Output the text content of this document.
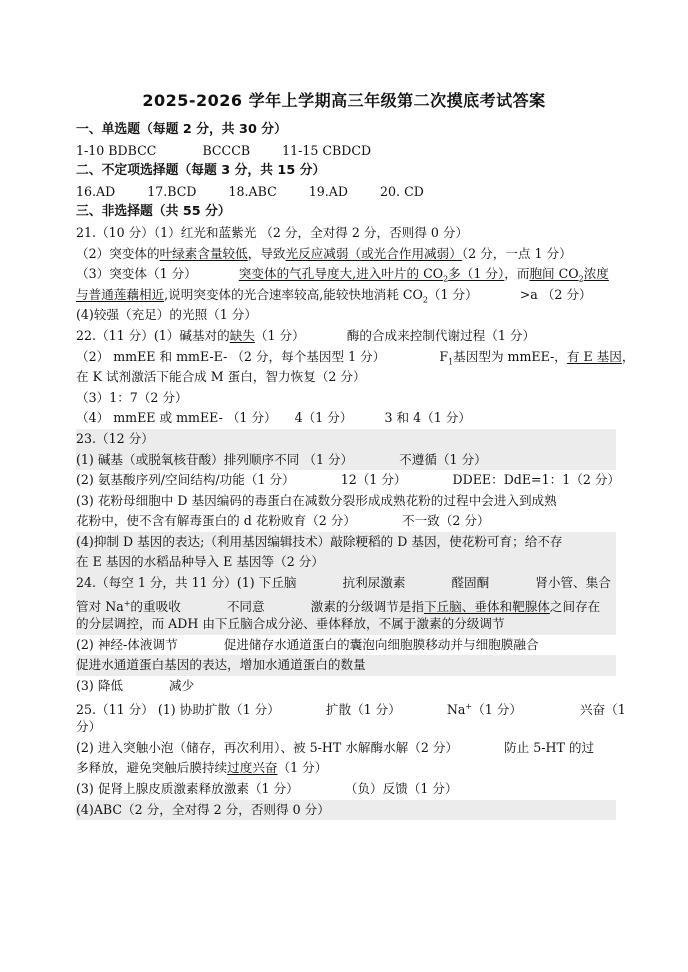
2025-2026 学年上学期高三年级第二次摸底考试答案
一、单选题（每题 2 分，共 30 分）
1-10 BDBCC	BCCCB	11-15 CBDCD
二、不定项选择题（每题 3 分，共 15 分）
16.AD	17.BCD	18.ABC	19.AD	20. CD
三、非选择题（共 55 分）
21.（10 分）（1）红光和蓝紫光 （2 分，全对得 2 分，否则得 0 分）
（2）突变体的叶绿素含量较低，导致光反应减弱（或光合作用减弱）（2 分，一点 1 分）
（3）突变体（1 分）	突变体的气孔导度大,进入叶片的 $CO_2$多（1 分），而胞间 $CO_2$浓度
与普通莲藕相近,说明突变体的光合速率较高,能较快地消耗 $CO_2(1$ 分）	>a （2 分）
(4)较强（充足）的光照（1 分）
22.（11 分）(1）碱基对的缺失（1 分）	酶的合成来控制代谢过程（1 分）
（2） mmEE 和 mmE-E- （2 分，每个基因型 1 分）	$F_1$基因型为 mmEE-，有 E 基因，
在 K 试剂激活下能合成 M 蛋白，智力恢复（2 分）
（3）1：7（2 分）
（4） mmEE 或 mmEE- （1 分） 4（1 分）	3 和 4（1 分）
23.（12 分）
(1) 碱基（或脱氧核苷酸）排列顺序不同 （1 分）	不遵循（1 分）
(2) 氨基酸序列/空间结构/功能（1 分）	12（1 分）	DDEE：DdE=1：1（2 分）
(3) 花粉母细胞中 D 基因编码的毒蛋白在减数分裂形成成熟花粉的过程中会进入到成熟
花粉中，使不含有解毒蛋白的 d 花粉败育（2 分）	不一致（2 分）
(4)抑制 D 基因的表达;（利用基因编辑技术）敲除粳稻的 D 基因，使花粉可育；给不存
在 E 基因的水稻品种导入 E 基因等（2 分）
24.（每空 1 分，共 11 分）(1) 下丘脑	抗利尿激素	醛固酮	肾小管、集合
管对 Na+的重吸收	不同意	激素的分级调节是指下丘脑、垂体和靶腺体之间存在
的分层调控，而 ADH 由下丘脑合成分泌、垂体释放，不属于激素的分级调节
(2) 神经-体液调节	促进储存水通道蛋白的囊泡向细胞膜移动并与细胞膜融合
促进水通道蛋白基因的表达，增加水通道蛋白的数量
(3) 降低	减少
25.（11 分） (1) 协助扩散（1 分）	扩散（1 分）	Na+（1 分）	兴奋（1
分）
(2) 进入突触小泡（储存，再次利用）、被 5-HT 水解酶水解（2 分）	防止 5-HT 的过
多释放，避免突触后膜持续过度兴奋（1 分）
(3) 促肾上腺皮质激素释放激素（1 分）	（负）反馈（1 分）
(4)ABC（2 分，全对得 2 分，否则得 0 分）
